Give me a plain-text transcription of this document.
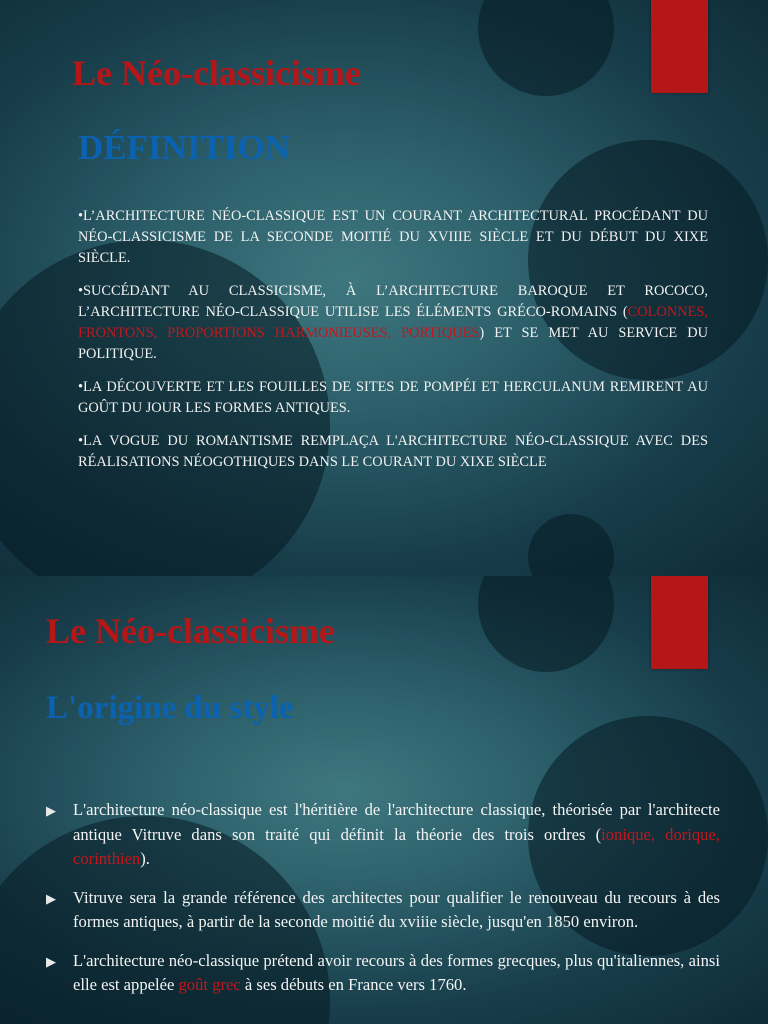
Le Néo-classicisme
DÉFINITION

•L’ARCHITECTURE NÉO-CLASSIQUE EST UN COURANT ARCHITECTURAL PROCÉDANT DU NÉO-CLASSICISME DE LA SECONDE MOITIÉ DU XVIIIE SIÈCLE ET DU DÉBUT DU XIXE SIÈCLE.

•SUCCÉDANT AU CLASSICISME, À L’ARCHITECTURE BAROQUE ET ROCOCO, L’ARCHITECTURE NÉO-CLASSIQUE UTILISE LES ÉLÉMENTS GRÉCO-ROMAINS (COLONNES, FRONTONS, PROPORTIONS HARMONIEUSES, PORTIQUES) ET SE MET AU SERVICE DU POLITIQUE.

•LA DÉCOUVERTE ET LES FOUILLES DE SITES DE POMPÉI ET HERCULANUM REMIRENT AU GOÛT DU JOUR LES FORMES ANTIQUES.

•LA VOGUE DU ROMANTISME REMPLAÇA L'ARCHITECTURE NÉO-CLASSIQUE AVEC DES RÉALISATIONS NÉOGOTHIQUES DANS LE COURANT DU XIXE SIÈCLE

Le Néo-classicisme
L'origine du style
▶ L'architecture néo-classique est l'héritière de l'architecture classique, théorisée par l'architecte antique Vitruve dans son traité qui définit la théorie des trois ordres (ionique, dorique, corinthien).
▶ Vitruve sera la grande référence des architectes pour qualifier le renouveau du recours à des formes antiques, à partir de la seconde moitié du xviiie siècle, jusqu'en 1850 environ.
▶ L'architecture néo-classique prétend avoir recours à des formes grecques, plus qu'italiennes, ainsi elle est appelée goût grec à ses débuts en France vers 1760.
